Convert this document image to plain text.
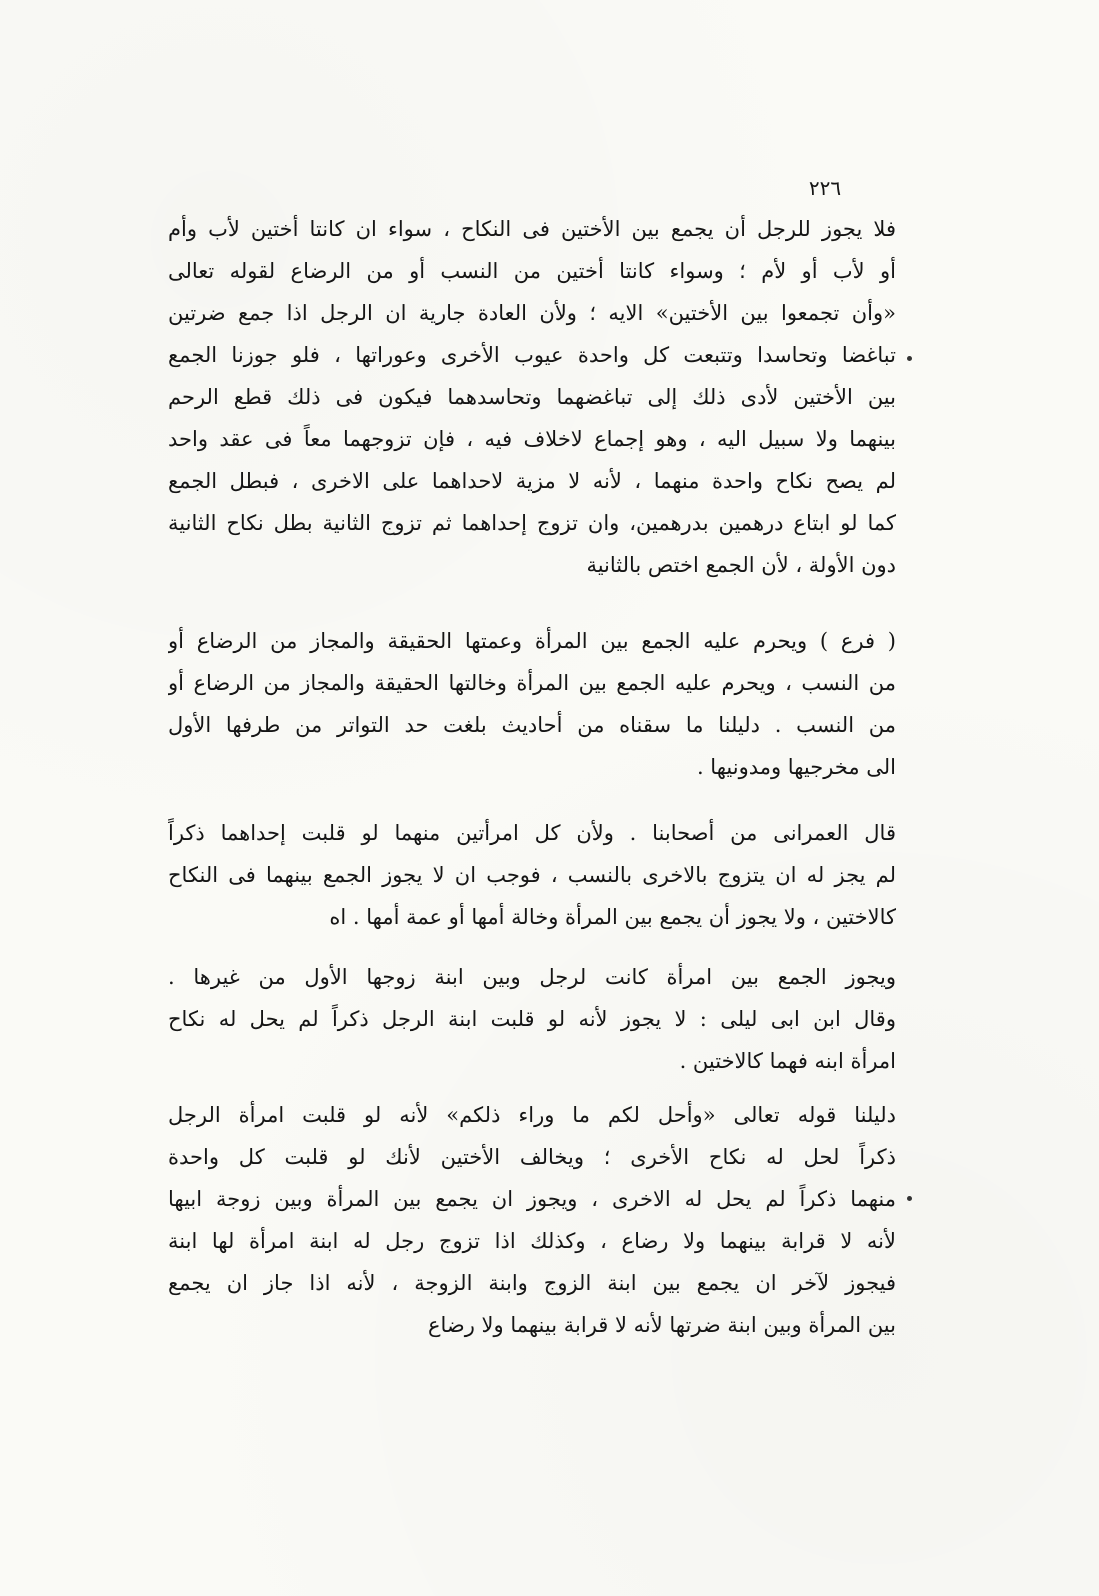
٢٢٦
فلا يجوز للرجل أن يجمع بين الأختين فى النكاح ، سواء ان كانتا أختين لأب وأم
أو لأب أو لأم ؛ وسواء كانتا أختين من النسب أو من الرضاع لقوله تعالى
«وأن تجمعوا بين الأختين» الايه ؛ ولأن العادة جارية ان الرجل اذا جمع ضرتين
تباغضا وتحاسدا وتتبعت كل واحدة عيوب الأخرى وعوراتها ، فلو جوزنا الجمع
بين الأختين لأدى ذلك إلى تباغضهما وتحاسدهما فيكون فى ذلك قطع الرحم
بينهما ولا سبيل اليه ، وهو إجماع لاخلاف فيه ، فإن تزوجهما معاً فى عقد واحد
لم يصح نكاح واحدة منهما ، لأنه لا مزية لاحداهما على الاخرى ، فبطل الجمع
كما لو ابتاع درهمين بدرهمين، وان تزوج إحداهما ثم تزوج الثانية بطل نكاح الثانية
دون الأولة ، لأن الجمع اختص بالثانية
( فرع ) ويحرم عليه الجمع بين المرأة وعمتها الحقيقة والمجاز من الرضاع أو
من النسب ، ويحرم عليه الجمع بين المرأة وخالتها الحقيقة والمجاز من الرضاع أو
من النسب . دليلنا ما سقناه من أحاديث بلغت حد التواتر من طرفها الأول
الى مخرجيها ومدونيها .
قال العمرانى من أصحابنا . ولأن كل امرأتين منهما لو قلبت إحداهما ذكراً
لم يجز له ان يتزوج بالاخرى بالنسب ، فوجب ان لا يجوز الجمع بينهما فى النكاح
كالاختين ، ولا يجوز أن يجمع بين المرأة وخالة أمها أو عمة أمها . اه
ويجوز الجمع بين امرأة كانت لرجل وبين ابنة زوجها الأول من غيرها .
وقال ابن ابى ليلى : لا يجوز لأنه لو قلبت ابنة الرجل ذكراً لم يحل له نكاح
امرأة ابنه فهما كالاختين .
دليلنا قوله تعالى «وأحل لكم ما وراء ذلكم» لأنه لو قلبت امرأة الرجل
ذكراً لحل له نكاح الأخرى ؛ ويخالف الأختين لأنك لو قلبت كل واحدة
منهما ذكراً لم يحل له الاخرى ، ويجوز ان يجمع بين المرأة وبين زوجة ابيها
لأنه لا قرابة بينهما ولا رضاع ، وكذلك اذا تزوج رجل له ابنة امرأة لها ابنة
فيجوز لآخر ان يجمع بين ابنة الزوج وابنة الزوجة ، لأنه اذا جاز ان يجمع
بين المرأة وبين ابنة ضرتها لأنه لا قرابة بينهما ولا رضاع
